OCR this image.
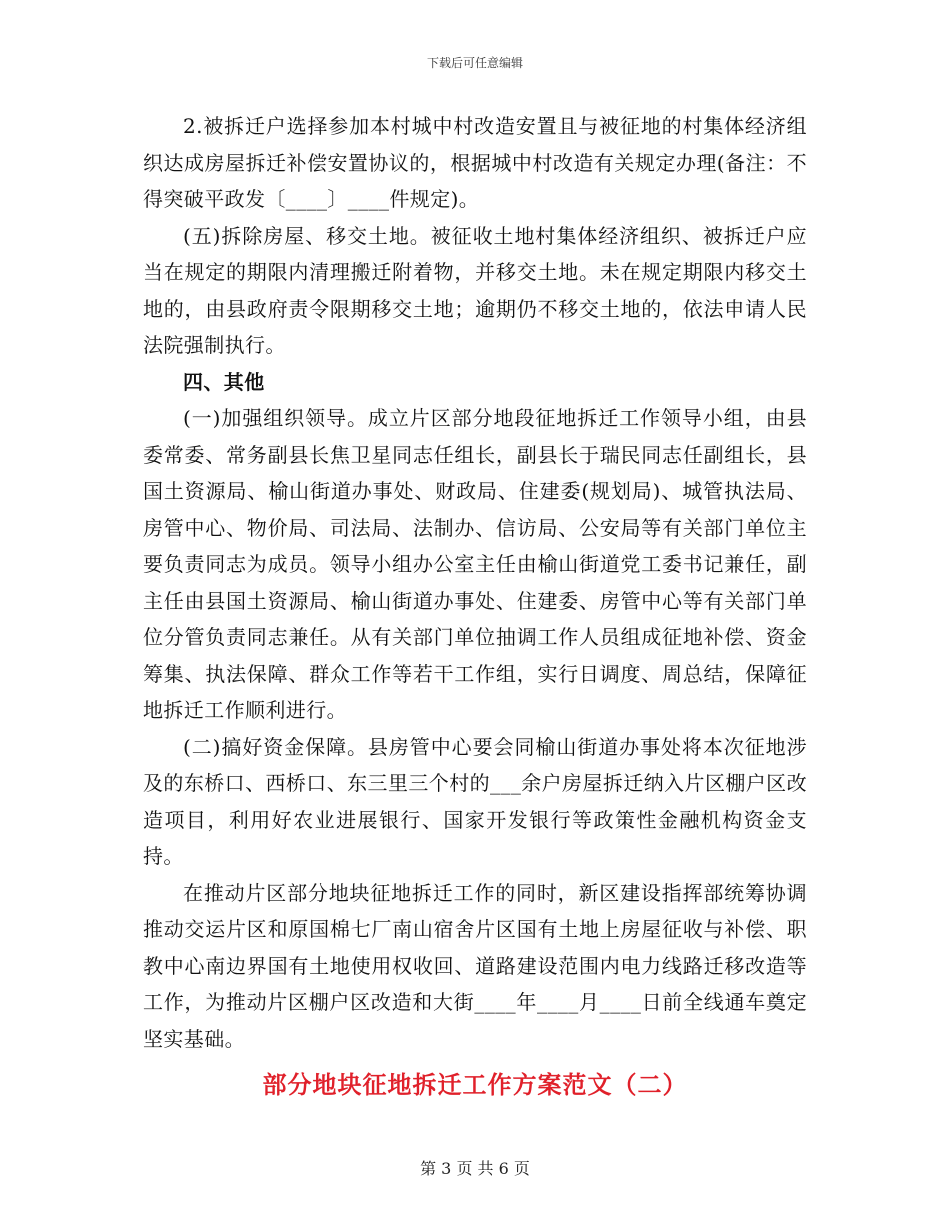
下载后可任意编辑

2.被拆迁户选择参加本村城中村改造安置且与被征地的村集体经济组织达成房屋拆迁补偿安置协议的，根据城中村改造有关规定办理(备注：不得突破平政发〔____〕____件规定)。

(五)拆除房屋、移交土地。被征收土地村集体经济组织、被拆迁户应当在规定的期限内清理搬迁附着物，并移交土地。未在规定期限内移交土地的，由县政府责令限期移交土地；逾期仍不移交土地的，依法申请人民法院强制执行。

四、其他

(一)加强组织领导。成立片区部分地段征地拆迁工作领导小组，由县委常委、常务副县长焦卫星同志任组长，副县长于瑞民同志任副组长，县国土资源局、榆山街道办事处、财政局、住建委(规划局)、城管执法局、房管中心、物价局、司法局、法制办、信访局、公安局等有关部门单位主要负责同志为成员。领导小组办公室主任由榆山街道党工委书记兼任，副主任由县国土资源局、榆山街道办事处、住建委、房管中心等有关部门单位分管负责同志兼任。从有关部门单位抽调工作人员组成征地补偿、资金筹集、执法保障、群众工作等若干工作组，实行日调度、周总结，保障征地拆迁工作顺利进行。

(二)搞好资金保障。县房管中心要会同榆山街道办事处将本次征地涉及的东桥口、西桥口、东三里三个村的___余户房屋拆迁纳入片区棚户区改造项目，利用好农业进展银行、国家开发银行等政策性金融机构资金支持。

在推动片区部分地块征地拆迁工作的同时，新区建设指挥部统筹协调推动交运片区和原国棉七厂南山宿舍片区国有土地上房屋征收与补偿、职教中心南边界国有土地使用权收回、道路建设范围内电力线路迁移改造等工作，为推动片区棚户区改造和大街____年____月____日前全线通车奠定坚实基础。

部分地块征地拆迁工作方案范文（二）
第 3 页 共 6 页
